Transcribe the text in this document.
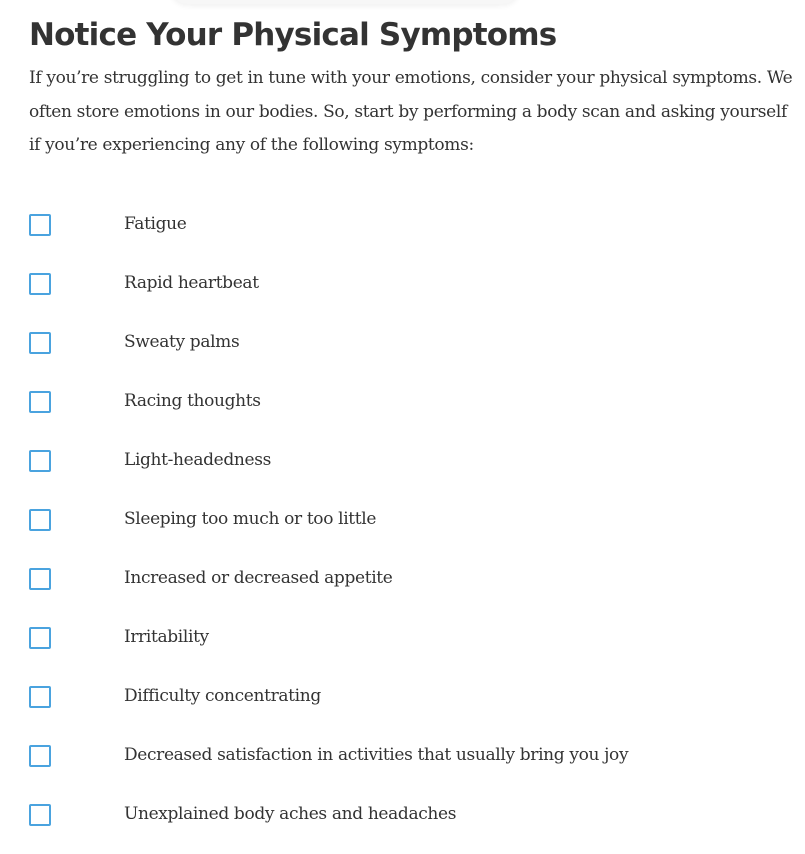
Notice Your Physical Symptoms

If you’re struggling to get in tune with your emotions, consider your physical symptoms. We often store emotions in our bodies. So, start by performing a body scan and asking yourself if you’re experiencing any of the following symptoms:

Fatigue
Rapid heartbeat
Sweaty palms
Racing thoughts
Light-headedness
Sleeping too much or too little
Increased or decreased appetite
Irritability
Difficulty concentrating
Decreased satisfaction in activities that usually bring you joy
Unexplained body aches and headaches
